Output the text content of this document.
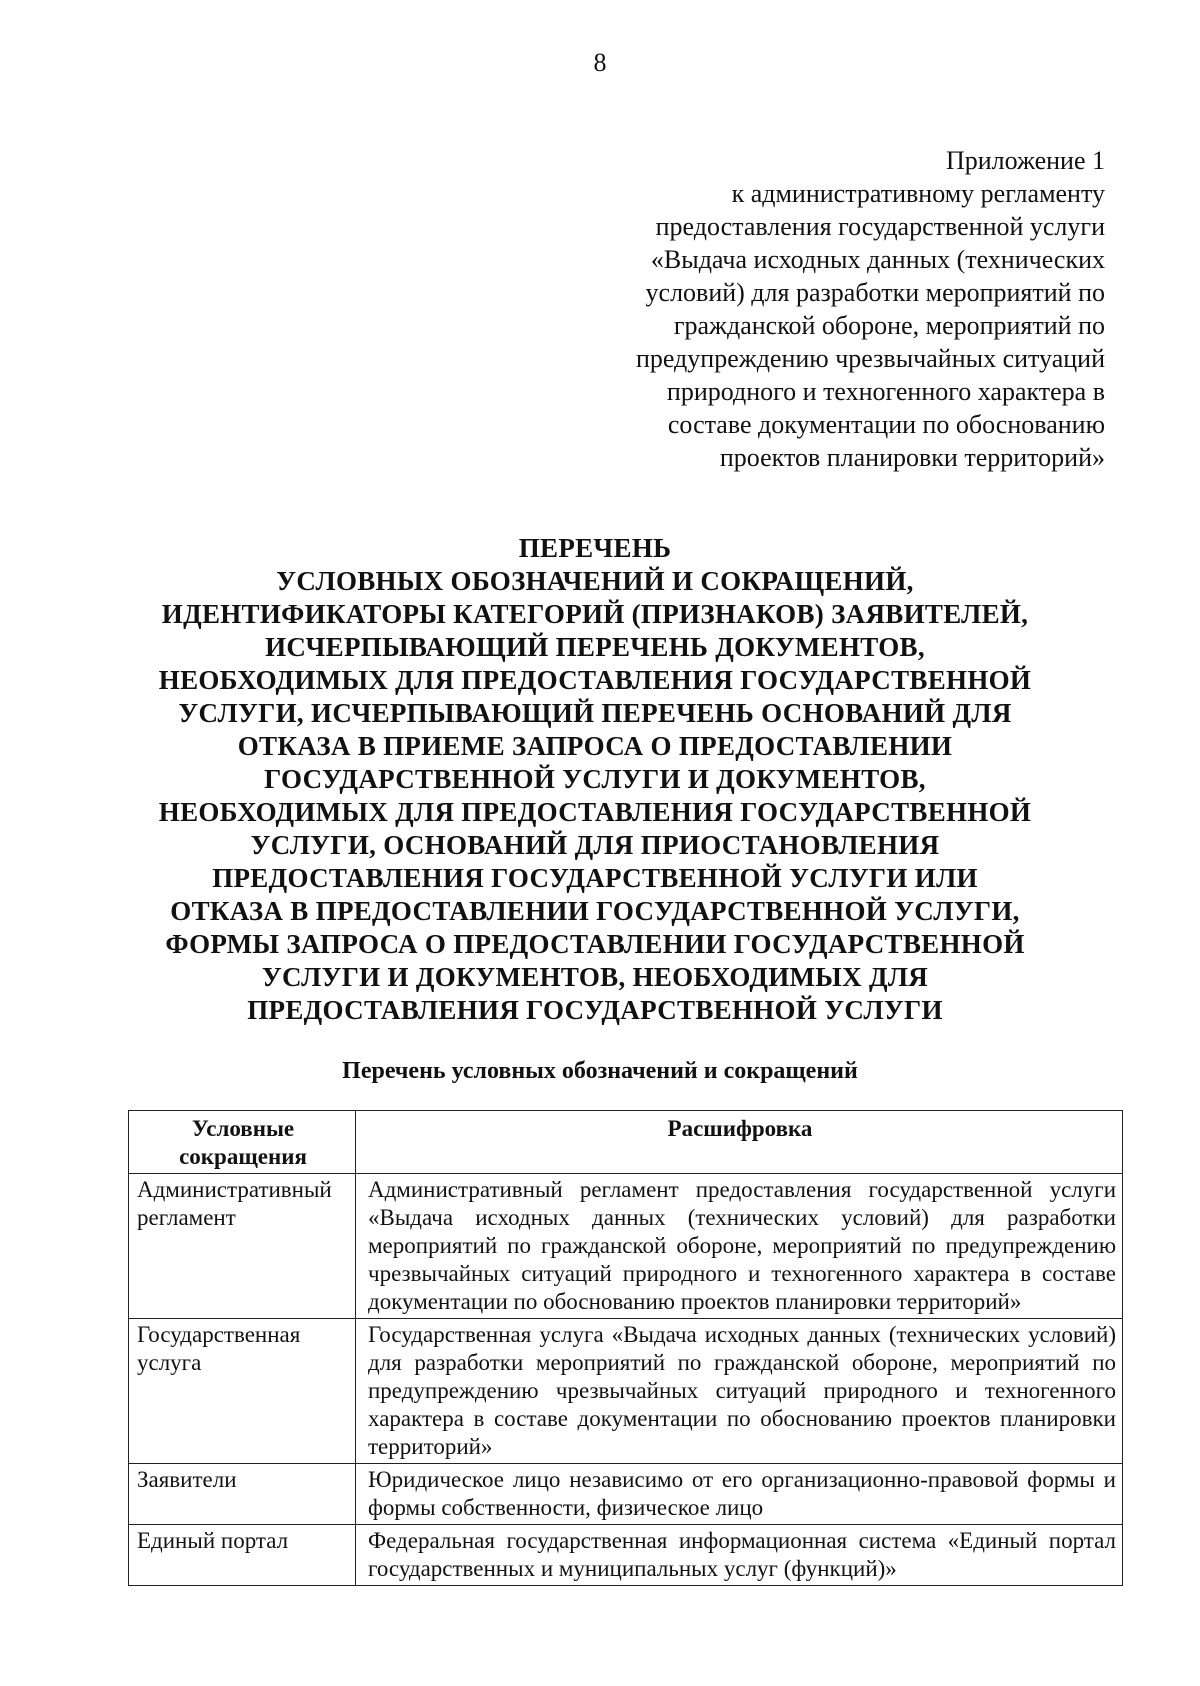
8
Приложение 1
к административному регламенту
предоставления государственной услуги
«Выдача исходных данных (технических
условий) для разработки мероприятий по
гражданской обороне, мероприятий по
предупреждению чрезвычайных ситуаций
природного и техногенного характера в
составе документации по обоснованию
проектов планировки территорий»
ПЕРЕЧЕНЬ
УСЛОВНЫХ ОБОЗНАЧЕНИЙ И СОКРАЩЕНИЙ,
ИДЕНТИФИКАТОРЫ КАТЕГОРИЙ (ПРИЗНАКОВ) ЗАЯВИТЕЛЕЙ,
ИСЧЕРПЫВАЮЩИЙ ПЕРЕЧЕНЬ ДОКУМЕНТОВ,
НЕОБХОДИМЫХ ДЛЯ ПРЕДОСТАВЛЕНИЯ ГОСУДАРСТВЕННОЙ
УСЛУГИ, ИСЧЕРПЫВАЮЩИЙ ПЕРЕЧЕНЬ ОСНОВАНИЙ ДЛЯ
ОТКАЗА В ПРИЕМЕ ЗАПРОСА О ПРЕДОСТАВЛЕНИИ
ГОСУДАРСТВЕННОЙ УСЛУГИ И ДОКУМЕНТОВ,
НЕОБХОДИМЫХ ДЛЯ ПРЕДОСТАВЛЕНИЯ ГОСУДАРСТВЕННОЙ
УСЛУГИ, ОСНОВАНИЙ ДЛЯ ПРИОСТАНОВЛЕНИЯ
ПРЕДОСТАВЛЕНИЯ ГОСУДАРСТВЕННОЙ УСЛУГИ ИЛИ
ОТКАЗА В ПРЕДОСТАВЛЕНИИ ГОСУДАРСТВЕННОЙ УСЛУГИ,
ФОРМЫ ЗАПРОСА О ПРЕДОСТАВЛЕНИИ ГОСУДАРСТВЕННОЙ
УСЛУГИ И ДОКУМЕНТОВ, НЕОБХОДИМЫХ ДЛЯ
ПРЕДОСТАВЛЕНИЯ ГОСУДАРСТВЕННОЙ УСЛУГИ
Перечень условных обозначений и сокращений
Условные сокращения	Расшифровка
Административный регламент	Административный регламент предоставления государственной услуги «Выдача исходных данных (технических условий) для разработки мероприятий по гражданской обороне, мероприятий по предупреждению чрезвычайных ситуаций природного и техногенного характера в составе документации по обоснованию проектов планировки территорий»
Государственная услуга	Государственная услуга «Выдача исходных данных (технических условий) для разработки мероприятий по гражданской обороне, мероприятий по предупреждению чрезвычайных ситуаций природного и техногенного характера в составе документации по обоснованию проектов планировки территорий»
Заявители	Юридическое лицо независимо от его организационно-правовой формы и формы собственности, физическое лицо
Единый портал	Федеральная государственная информационная система «Единый портал государственных и муниципальных услуг (функций)»
